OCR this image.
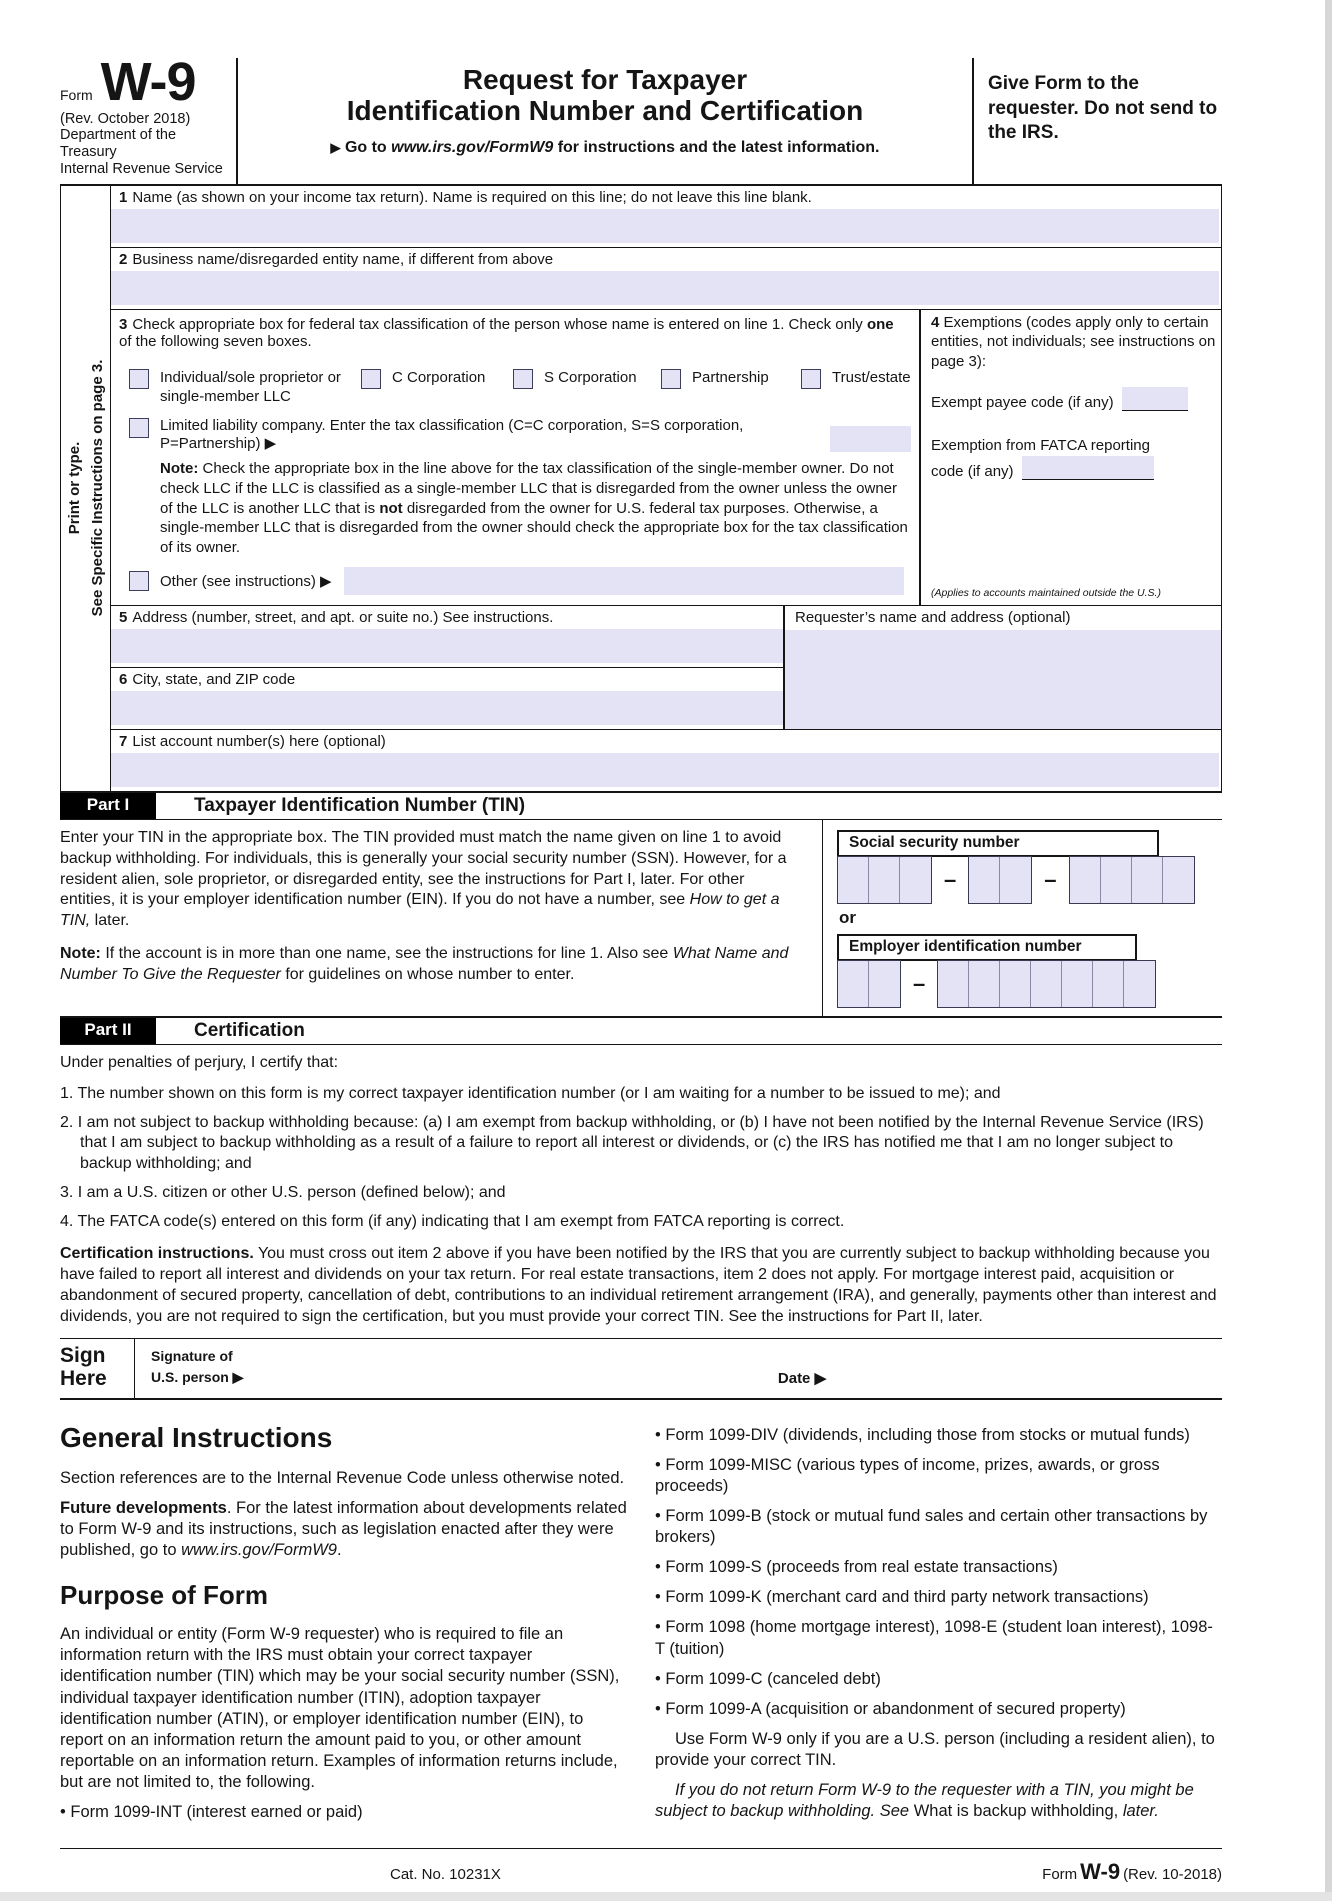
Form W-9
(Rev. October 2018)
Department of the Treasury
Internal Revenue Service
Request for Taxpayer
Identification Number and Certification
▶ Go to www.irs.gov/FormW9 for instructions and the latest information.
Give Form to the requester. Do not send to the IRS.
Print or type. See Specific Instructions on page 3.
1 Name (as shown on your income tax return). Name is required on this line; do not leave this line blank.
2 Business name/disregarded entity name, if different from above
3 Check appropriate box for federal tax classification of the person whose name is entered on line 1. Check only one of the following seven boxes.
Individual/sole proprietor or single-member LLC
C Corporation	S Corporation	Partnership	Trust/estate
Limited liability company. Enter the tax classification (C=C corporation, S=S corporation, P=Partnership) ▶
Note: Check the appropriate box in the line above for the tax classification of the single-member owner. Do not check LLC if the LLC is classified as a single-member LLC that is disregarded from the owner unless the owner of the LLC is another LLC that is not disregarded from the owner for U.S. federal tax purposes. Otherwise, a single-member LLC that is disregarded from the owner should check the appropriate box for the tax classification of its owner.
Other (see instructions) ▶
4 Exemptions (codes apply only to certain entities, not individuals; see instructions on page 3):
Exempt payee code (if any)
Exemption from FATCA reporting
code (if any)
(Applies to accounts maintained outside the U.S.)
5 Address (number, street, and apt. or suite no.) See instructions.
6 City, state, and ZIP code
Requester’s name and address (optional)
7 List account number(s) here (optional)
Part I	Taxpayer Identification Number (TIN)

Enter your TIN in the appropriate box. The TIN provided must match the name given on line 1 to avoid backup withholding. For individuals, this is generally your social security number (SSN). However, for a resident alien, sole proprietor, or disregarded entity, see the instructions for Part I, later. For other entities, it is your employer identification number (EIN). If you do not have a number, see How to get a TIN, later.

Note: If the account is in more than one name, see the instructions for line 1. Also see What Name and Number To Give the Requester for guidelines on whose number to enter.

Social security number
–	–
or
Employer identification number
–
Part II	Certification

Under penalties of perjury, I certify that:

1. The number shown on this form is my correct taxpayer identification number (or I am waiting for a number to be issued to me); and

2. I am not subject to backup withholding because: (a) I am exempt from backup withholding, or (b) I have not been notified by the Internal Revenue Service (IRS) that I am subject to backup withholding as a result of a failure to report all interest or dividends, or (c) the IRS has notified me that I am no longer subject to backup withholding; and

3. I am a U.S. citizen or other U.S. person (defined below); and

4. The FATCA code(s) entered on this form (if any) indicating that I am exempt from FATCA reporting is correct.

Certification instructions. You must cross out item 2 above if you have been notified by the IRS that you are currently subject to backup withholding because you have failed to report all interest and dividends on your tax return. For real estate transactions, item 2 does not apply. For mortgage interest paid, acquisition or abandonment of secured property, cancellation of debt, contributions to an individual retirement arrangement (IRA), and generally, payments other than interest and dividends, you are not required to sign the certification, but you must provide your correct TIN. See the instructions for Part II, later.

Sign
Here
Signature of
U.S. person ▶	Date ▶
General Instructions

Section references are to the Internal Revenue Code unless otherwise noted.

Future developments. For the latest information about developments related to Form W-9 and its instructions, such as legislation enacted after they were published, go to www.irs.gov/FormW9.

Purpose of Form

An individual or entity (Form W-9 requester) who is required to file an information return with the IRS must obtain your correct taxpayer identification number (TIN) which may be your social security number (SSN), individual taxpayer identification number (ITIN), adoption taxpayer identification number (ATIN), or employer identification number (EIN), to report on an information return the amount paid to you, or other amount reportable on an information return. Examples of information returns include, but are not limited to, the following.

• Form 1099-INT (interest earned or paid)

• Form 1099-DIV (dividends, including those from stocks or mutual funds)

• Form 1099-MISC (various types of income, prizes, awards, or gross proceeds)

• Form 1099-B (stock or mutual fund sales and certain other transactions by brokers)

• Form 1099-S (proceeds from real estate transactions)

• Form 1099-K (merchant card and third party network transactions)

• Form 1098 (home mortgage interest), 1098-E (student loan interest), 1098-T (tuition)

• Form 1099-C (canceled debt)

• Form 1099-A (acquisition or abandonment of secured property)

Use Form W-9 only if you are a U.S. person (including a resident alien), to provide your correct TIN.

If you do not return Form W-9 to the requester with a TIN, you might be subject to backup withholding. See What is backup withholding, later.

Cat. No. 10231X	Form W-9 (Rev. 10-2018)
